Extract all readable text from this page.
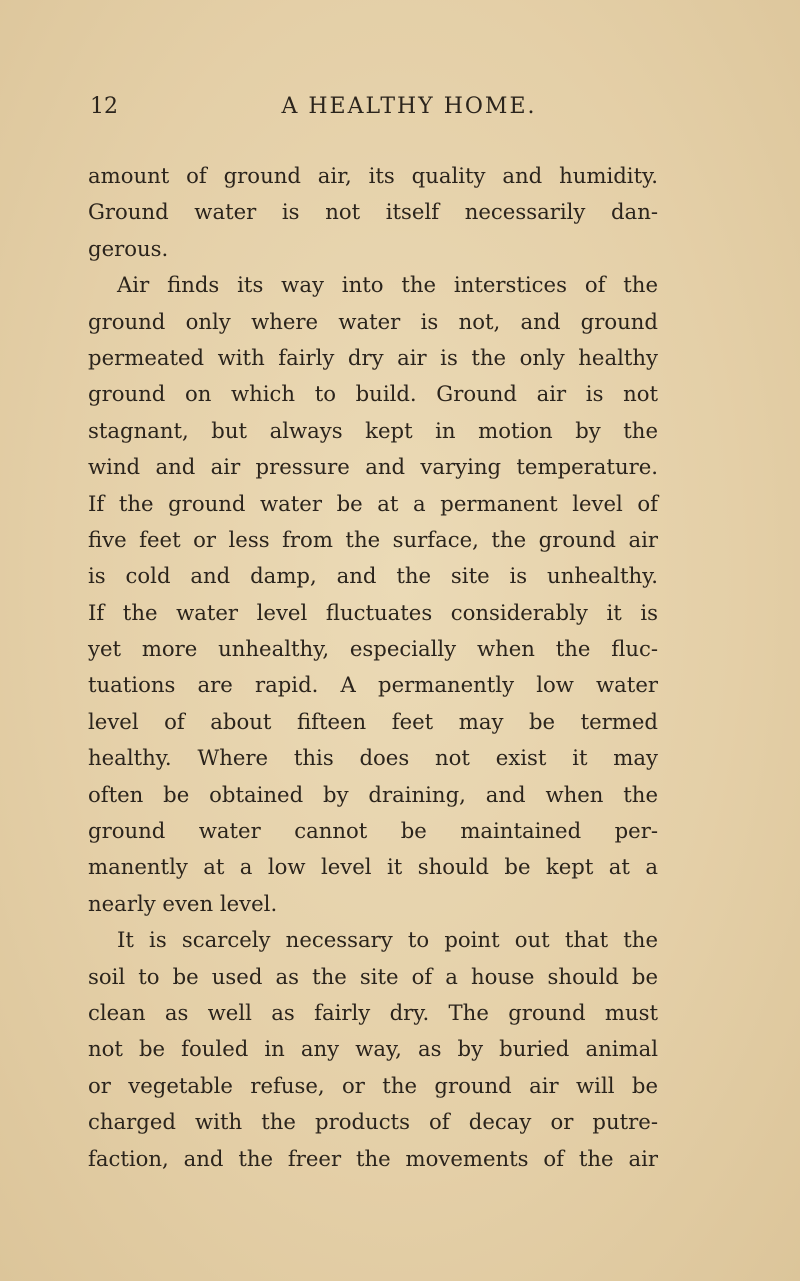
12	A HEALTHY HOME.
amount of ground air, its quality and humidity.
Ground water is not itself necessarily dan-
gerous.
Air finds its way into the interstices of the
ground only where water is not, and ground
permeated with fairly dry air is the only healthy
ground on which to build. Ground air is not
stagnant, but always kept in motion by the
wind and air pressure and varying temperature.
If the ground water be at a permanent level of
five feet or less from the surface, the ground air
is cold and damp, and the site is unhealthy.
If the water level fluctuates considerably it is
yet more unhealthy, especially when the fluc-
tuations are rapid. A permanently low water
level of about fifteen feet may be termed
healthy. Where this does not exist it may
often be obtained by draining, and when the
ground water cannot be maintained per-
manently at a low level it should be kept at a
nearly even level.
It is scarcely necessary to point out that the
soil to be used as the site of a house should be
clean as well as fairly dry. The ground must
not be fouled in any way, as by buried animal
or vegetable refuse, or the ground air will be
charged with the products of decay or putre-
faction, and the freer the movements of the air
